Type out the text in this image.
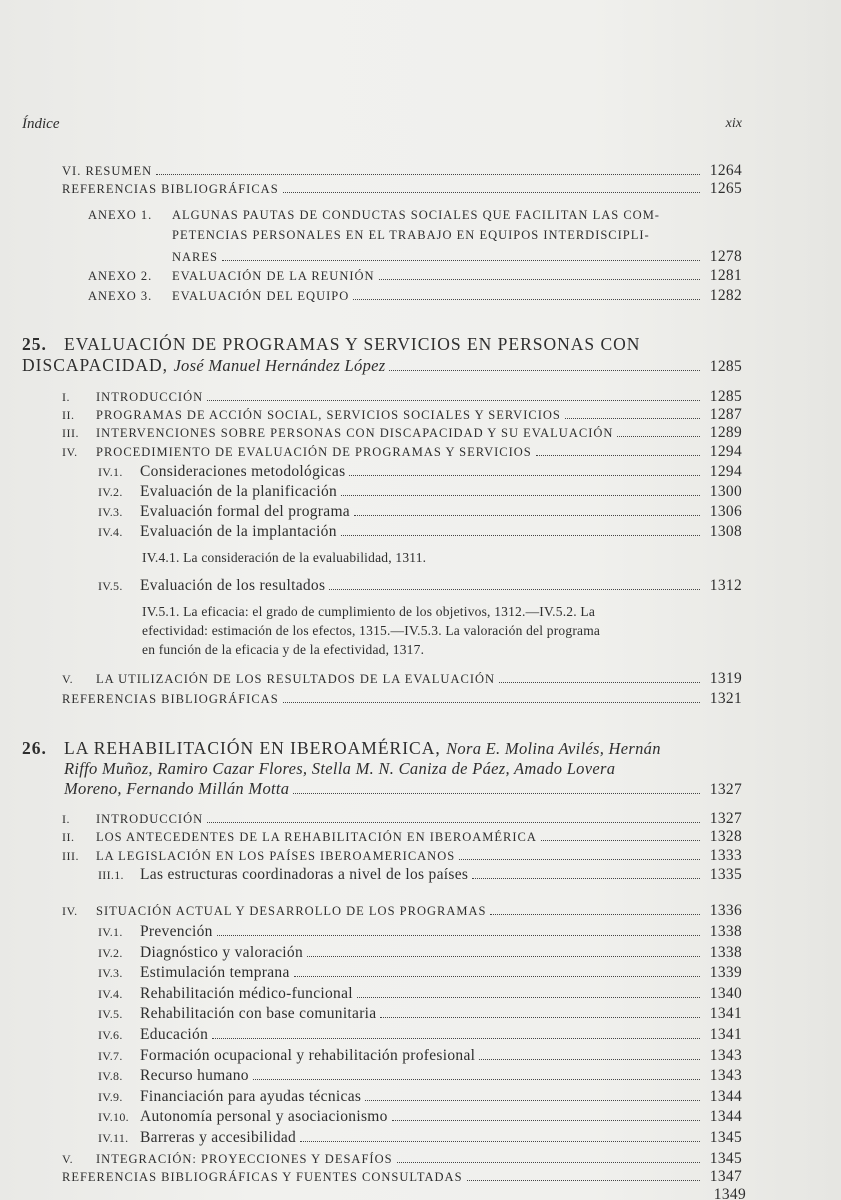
Índice	xix
VI. RESUMEN	1264
REFERENCIAS BIBLIOGRÁFICAS	1265
ANEXO 1. ALGUNAS PAUTAS DE CONDUCTAS SOCIALES QUE FACILITAN LAS COM-
PETENCIAS PERSONALES EN EL TRABAJO EN EQUIPOS INTERDISCIPLI-
NARES	1278
ANEXO 2. EVALUACIÓN DE LA REUNIÓN	1281
ANEXO 3. EVALUACIÓN DEL EQUIPO	1282
25. EVALUACIÓN DE PROGRAMAS Y SERVICIOS EN PERSONAS CON
DISCAPACIDAD, José Manuel Hernández López	1285
I. INTRODUCCIÓN	1285
II. PROGRAMAS DE ACCIÓN SOCIAL, SERVICIOS SOCIALES Y SERVICIOS	1287
III. INTERVENCIONES SOBRE PERSONAS CON DISCAPACIDAD Y SU EVALUACIÓN	1289
IV. PROCEDIMIENTO DE EVALUACIÓN DE PROGRAMAS Y SERVICIOS	1294
IV.1. Consideraciones metodológicas	1294
IV.2. Evaluación de la planificación	1300
IV.3. Evaluación formal del programa	1306
IV.4. Evaluación de la implantación	1308
IV.4.1. La consideración de la evaluabilidad, 1311.
IV.5. Evaluación de los resultados	1312
IV.5.1. La eficacia: el grado de cumplimiento de los objetivos, 1312.—IV.5.2. La
efectividad: estimación de los efectos, 1315.—IV.5.3. La valoración del programa
en función de la eficacia y de la efectividad, 1317.
V. LA UTILIZACIÓN DE LOS RESULTADOS DE LA EVALUACIÓN	1319
REFERENCIAS BIBLIOGRÁFICAS	1321
26. LA REHABILITACIÓN EN IBEROAMÉRICA, Nora E. Molina Avilés, Hernán
Riffo Muñoz, Ramiro Cazar Flores, Stella M. N. Caniza de Páez, Amado Lovera
Moreno, Fernando Millán Motta	1327
I. INTRODUCCIÓN	1327
II. LOS ANTECEDENTES DE LA REHABILITACIÓN EN IBEROAMÉRICA	1328
III. LA LEGISLACIÓN EN LOS PAÍSES IBEROAMERICANOS	1333
III.1. Las estructuras coordinadoras a nivel de los países	1335
IV. SITUACIÓN ACTUAL Y DESARROLLO DE LOS PROGRAMAS	1336
IV.1. Prevención	1338
IV.2. Diagnóstico y valoración	1338
IV.3. Estimulación temprana	1339
IV.4. Rehabilitación médico-funcional	1340
IV.5. Rehabilitación con base comunitaria	1341
IV.6. Educación	1341
IV.7. Formación ocupacional y rehabilitación profesional	1343
IV.8. Recurso humano	1343
IV.9. Financiación para ayudas técnicas	1344
IV.10. Autonomía personal y asociacionismo	1344
IV.11. Barreras y accesibilidad	1345
V. INTEGRACIÓN: PROYECCIONES Y DESAFÍOS	1345
REFERENCIAS BIBLIOGRÁFICAS Y FUENTES CONSULTADAS	1347
1349
